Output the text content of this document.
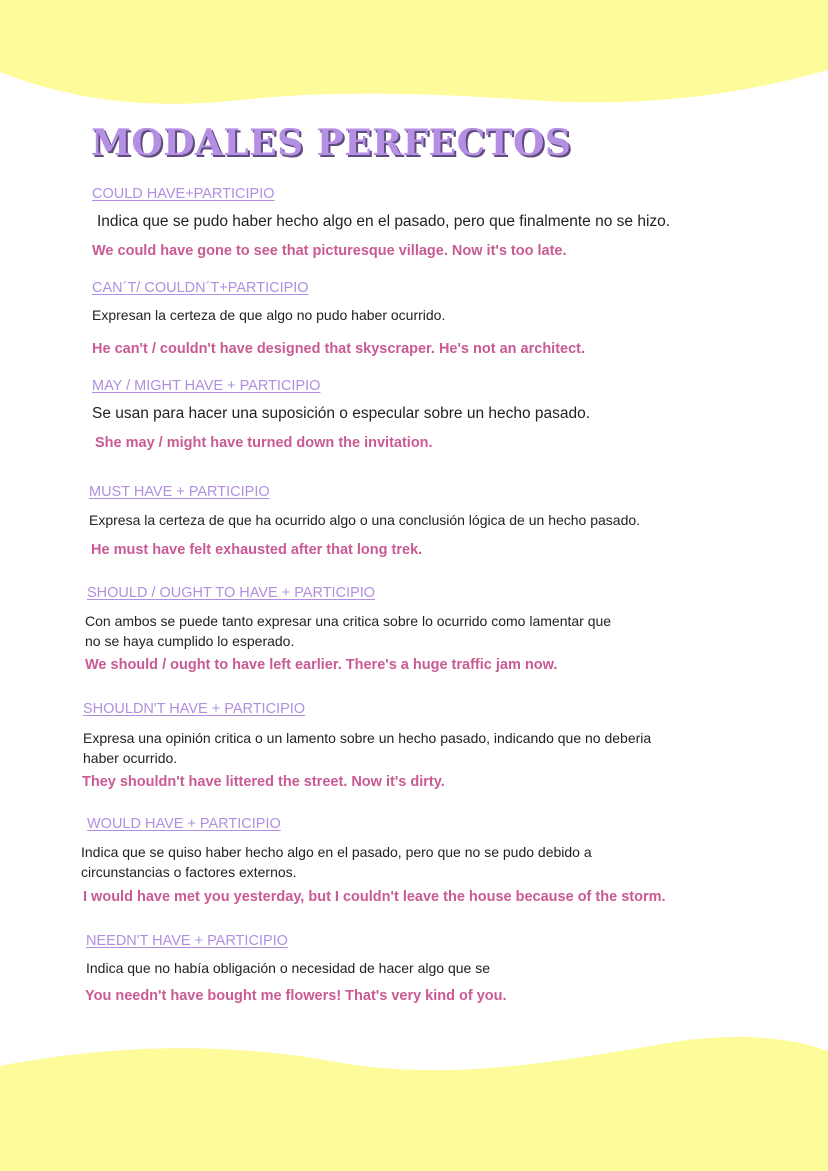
MODALES PERFECTOS

COULD HAVE+PARTICIPIO

Indica que se pudo haber hecho algo en el pasado, pero que finalmente no se hizo.

We could have gone to see that picturesque village. Now it's too late.

CAN´T/ COULDN´T+PARTICIPIO

Expresan la certeza de que algo no pudo haber ocurrido.

He can't / couldn't have designed that skyscraper. He's not an architect.

MAY / MIGHT HAVE + PARTICIPIO

Se usan para hacer una suposición o especular sobre un hecho pasado.

She may / might have turned down the invitation.

MUST HAVE + PARTICIPIO

Expresa la certeza de que ha ocurrido algo o una conclusión lógica de un hecho pasado.

He must have felt exhausted after that long trek.

SHOULD / OUGHT TO HAVE + PARTICIPIO

Con ambos se puede tanto expresar una critica sobre lo ocurrido como lamentar que

no se haya cumplido lo esperado.

We should / ought to have left earlier. There's a huge traffic jam now.

SHOULDN'T HAVE + PARTICIPIO

Expresa una opinión critica o un lamento sobre un hecho pasado, indicando que no deberia

haber ocurrido.

They shouldn't have littered the street. Now it's dirty.

WOULD HAVE + PARTICIPIO

Indica que se quiso haber hecho algo en el pasado, pero que no se pudo debido a

circunstancias o factores externos.

I would have met you yesterday, but I couldn't leave the house because of the storm.

NEEDN'T HAVE + PARTICIPIO

Indica que no había obligación o necesidad de hacer algo que se

You needn't have bought me flowers! That's very kind of you.
